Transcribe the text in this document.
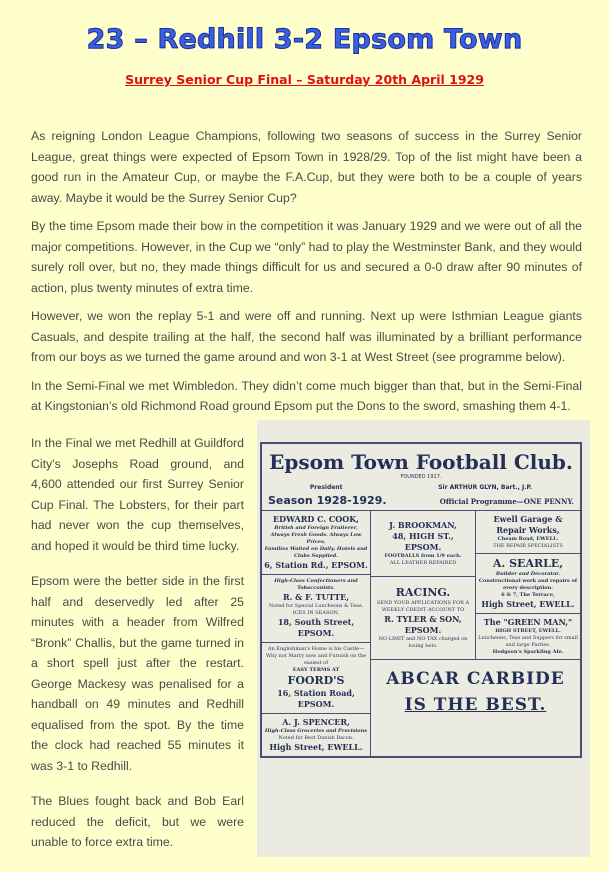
23 – Redhill 3-2 Epsom Town
Surrey Senior Cup Final – Saturday 20th April 1929

As reigning London League Champions, following two seasons of success in the Surrey Senior League, great things were expected of Epsom Town in 1928/29. Top of the list might have been a good run in the Amateur Cup, or maybe the F.A.Cup, but they were both to be a couple of years away. Maybe it would be the Surrey Senior Cup?

By the time Epsom made their bow in the competition it was January 1929 and we were out of all the major competitions. However, in the Cup we “only” had to play the Westminster Bank, and they would surely roll over, but no, they made things difficult for us and secured a 0-0 draw after 90 minutes of action, plus twenty minutes of extra time.

However, we won the replay 5-1 and were off and running. Next up were Isthmian League giants Casuals, and despite trailing at the half, the second half was illuminated by a brilliant performance from our boys as we turned the game around and won 3-1 at West Street (see programme below).

In the Semi-Final we met Wimbledon. They didn’t come much bigger than that, but in the Semi-Final at Kingstonian’s old Richmond Road ground Epsom put the Dons to the sword, smashing them 4-1.

In the Final we met Redhill at Guildford City’s Josephs Road ground, and 4,600 attended our first Surrey Senior Cup Final. The Lobsters, for their part had never won the cup themselves, and hoped it would be third time lucky.

Epsom were the better side in the first half and deservedly led after 25 minutes with a header from Wilfred “Bronk” Challis, but the game turned in a short spell just after the restart. George Mackesy was penalised for a handball on 49 minutes and Redhill equalised from the spot. By the time the clock had reached 55 minutes it was 3-1 to Redhill.

The Blues fought back and Bob Earl reduced the deficit, but we were unable to force extra time.

Epsom Town Football Club.
FOUNDED 1917.
President	Sir ARTHUR GLYN, Bart., J.P.
Season 1928-1929.	Official Programme—ONE PENNY.
EDWARD C. COOK,
British and Foreign Fruiterer,
Always Fresh Goods. Always Low Prices.
Families Waited on Daily. Hotels and Clubs Supplied.
6, Station Rd., EPSOM.
High-Class Confectioners and Tobacconists.
R. & F. TUTTE,
Noted for Special Luncheons & Teas. ICES IN SEASON.
18, South Street, EPSOM.
An Englishman's Home is his Castle—Why not Marry now and Furnish on the easiest of
EASY TERMS AT
FOORD'S
16, Station Road, EPSOM.
A. J. SPENCER,
High-Class Groceries and Provisions
Noted for Best Danish Bacon.
High Street, EWELL.
J. BROOKMAN,
48, HIGH ST., EPSOM.
FOOTBALLS from 1/9 each.
ALL LEATHER REPAIRED
RACING.
SEND YOUR APPLICATIONS FOR A WEEKLY CREDIT ACCOUNT TO
R. TYLER & SON,
EPSOM.
NO LIMIT and NO TAX charged on losing bets.
Ewell Garage & Repair Works,
Cheam Road, EWELL.
THE REPAIR SPECIALISTS
A. SEARLE,
Builder and Decorator.
Constructional work and repairs of every description.
6 & 7, The Terrace,
High Street, EWELL.
The "GREEN MAN,"
HIGH STREET, EWELL.
Luncheons, Teas and Suppers for small and large Parties.
Hodgson's Sparkling Ale.
ABCAR CARBIDE
IS THE BEST.
